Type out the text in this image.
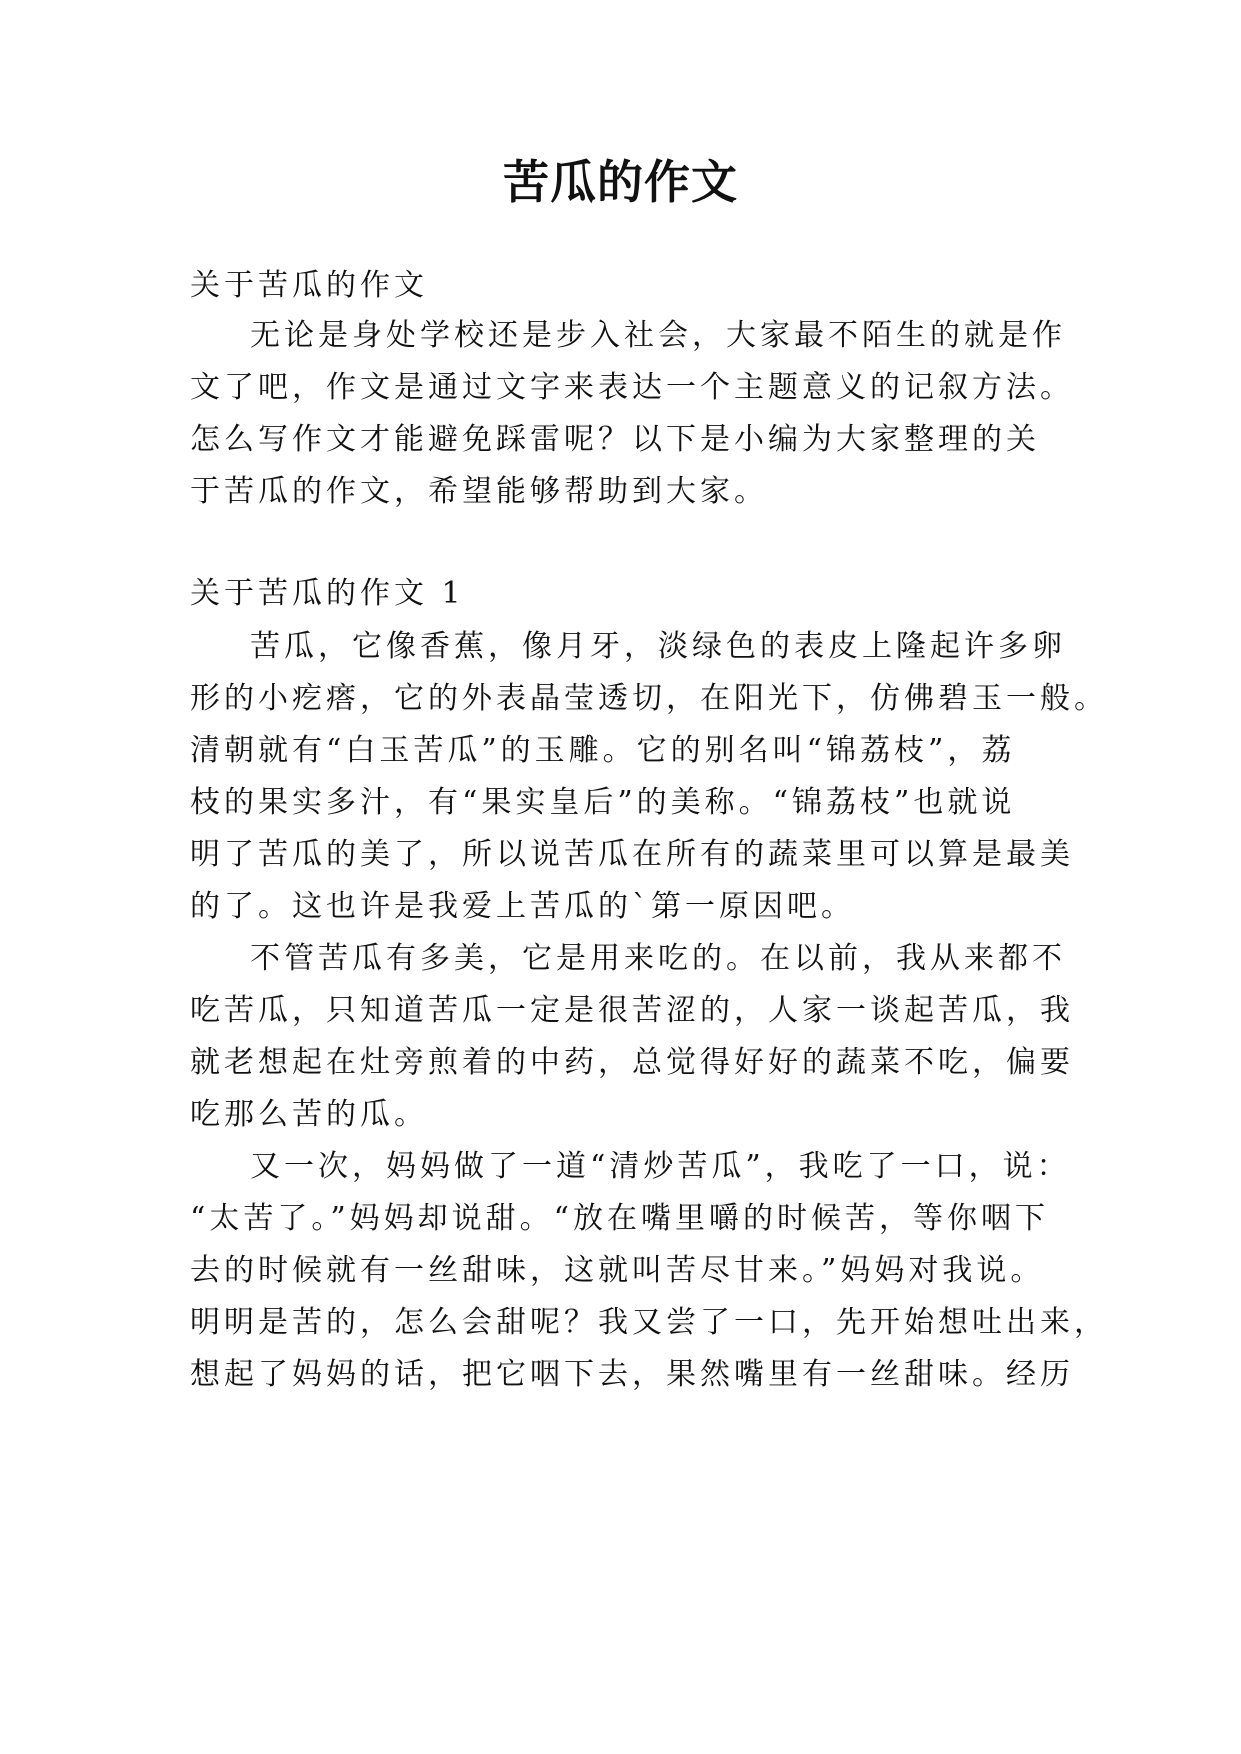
苦瓜的作文

关于苦瓜的作文

无论是身处学校还是步入社会，大家最不陌生的就是作

文了吧，作文是通过文字来表达一个主题意义的记叙方法。

怎么写作文才能避免踩雷呢？以下是小编为大家整理的关

于苦瓜的作文，希望能够帮助到大家。

关于苦瓜的作文 1

苦瓜，它像香蕉，像月牙，淡绿色的表皮上隆起许多卵

形的小疙瘩，它的外表晶莹透切，在阳光下，仿佛碧玉一般。

清朝就有“白玉苦瓜”的玉雕。它的别名叫“锦荔枝”，荔

枝的果实多汁，有“果实皇后”的美称。“锦荔枝”也就说

明了苦瓜的美了，所以说苦瓜在所有的蔬菜里可以算是最美

的了。这也许是我爱上苦瓜的`第一原因吧。

不管苦瓜有多美，它是用来吃的。在以前，我从来都不

吃苦瓜，只知道苦瓜一定是很苦涩的，人家一谈起苦瓜，我

就老想起在灶旁煎着的中药，总觉得好好的蔬菜不吃，偏要

吃那么苦的瓜。

又一次，妈妈做了一道“清炒苦瓜”，我吃了一口，说：

“太苦了。”妈妈却说甜。“放在嘴里嚼的时候苦，等你咽下

去的时候就有一丝甜味，这就叫苦尽甘来。”妈妈对我说。

明明是苦的，怎么会甜呢？我又尝了一口，先开始想吐出来，

想起了妈妈的话，把它咽下去，果然嘴里有一丝甜味。经历
